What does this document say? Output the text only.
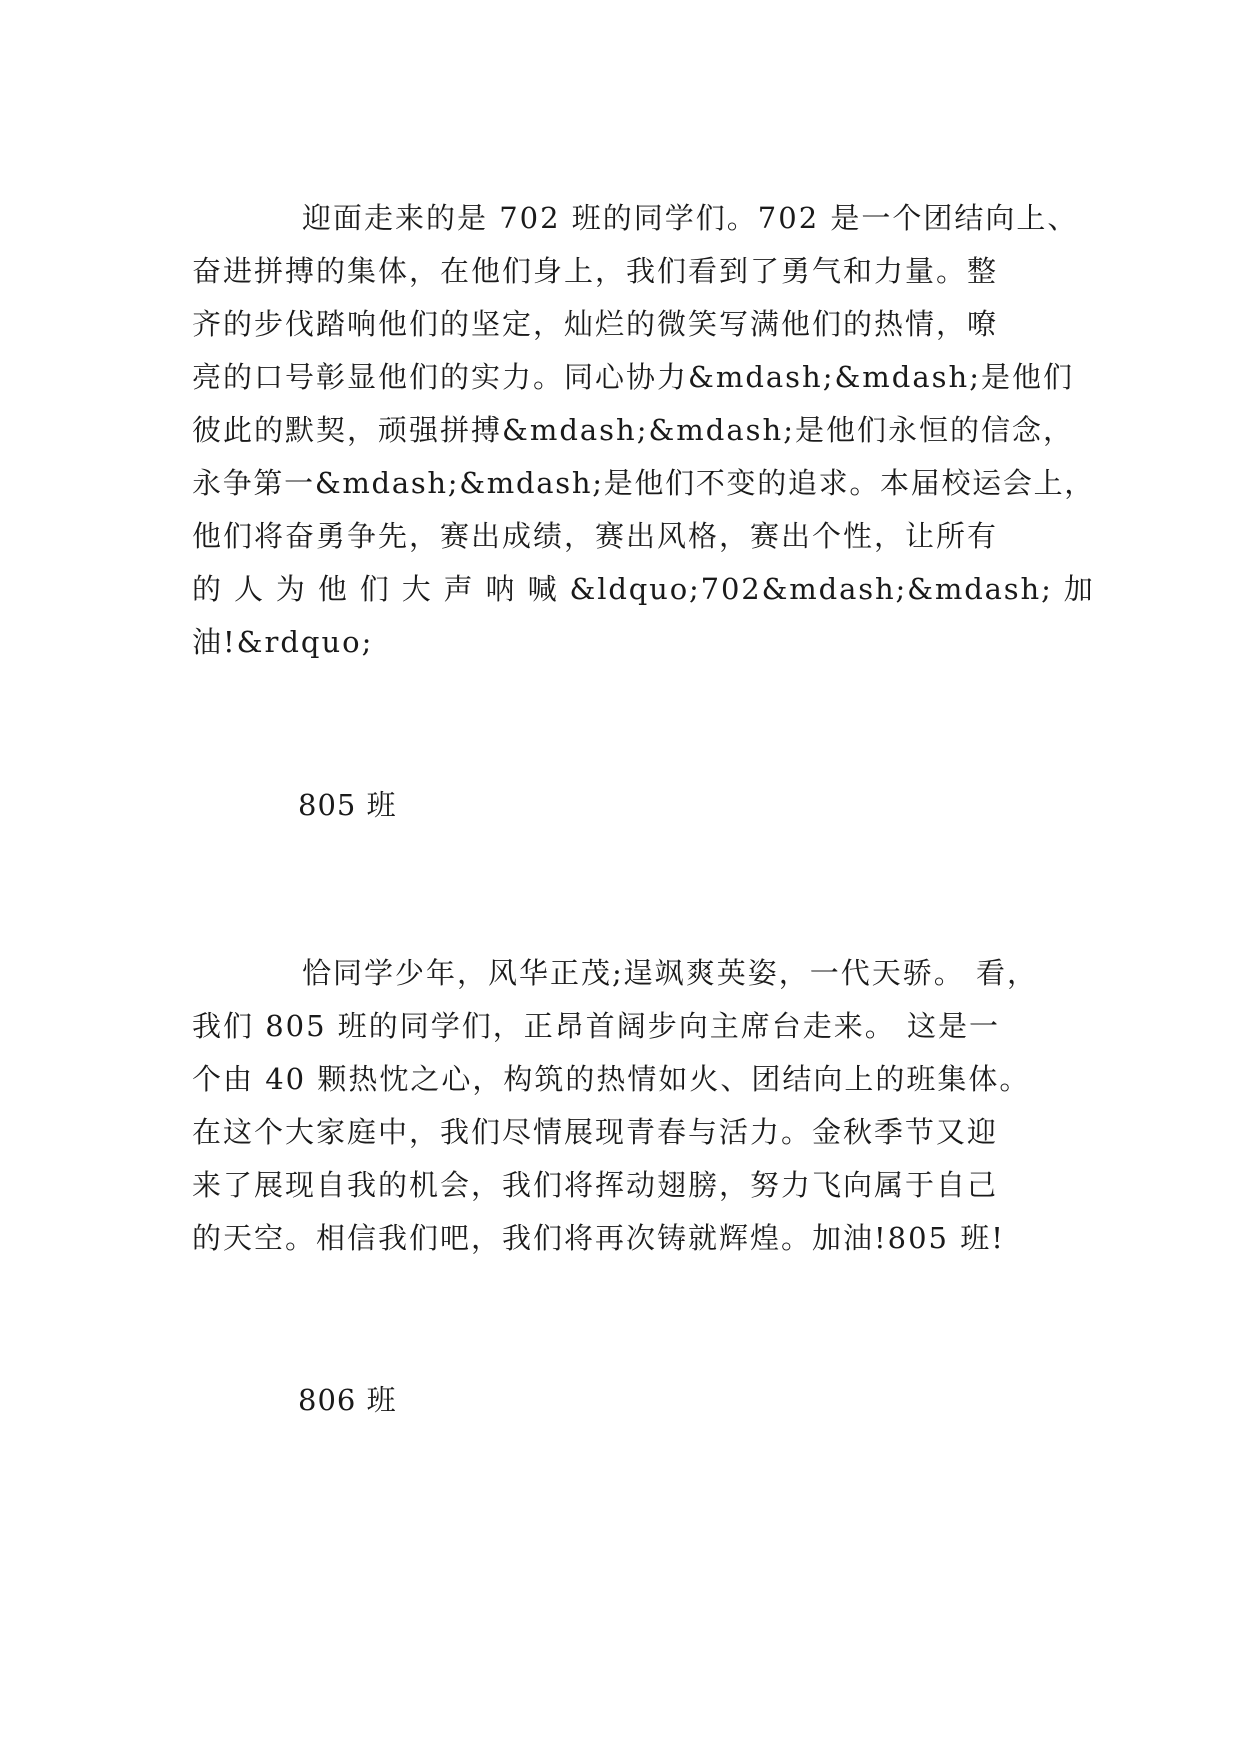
迎面走来的是 702 班的同学们。702 是一个团结向上、
奋进拼搏的集体，在他们身上，我们看到了勇气和力量。整
齐的步伐踏响他们的坚定，灿烂的微笑写满他们的热情，嘹
亮的口号彰显他们的实力。同心协力&mdash;&mdash;是他们
彼此的默契，顽强拼搏&mdash;&mdash;是他们永恒的信念，
永争第一&mdash;&mdash;是他们不变的追求。本届校运会上，
他们将奋勇争先，赛出成绩，赛出风格，赛出个性，让所有
的 人 为 他 们 大 声 呐 喊 &ldquo;702&mdash;&mdash; 加
油!&rdquo;
805 班
恰同学少年，风华正茂;逞飒爽英姿，一代天骄。 看，
我们 805 班的同学们，正昂首阔步向主席台走来。 这是一
个由 40 颗热忱之心，构筑的热情如火、团结向上的班集体。
在这个大家庭中，我们尽情展现青春与活力。金秋季节又迎
来了展现自我的机会，我们将挥动翅膀，努力飞向属于自己
的天空。相信我们吧，我们将再次铸就辉煌。加油!805 班!
806 班
